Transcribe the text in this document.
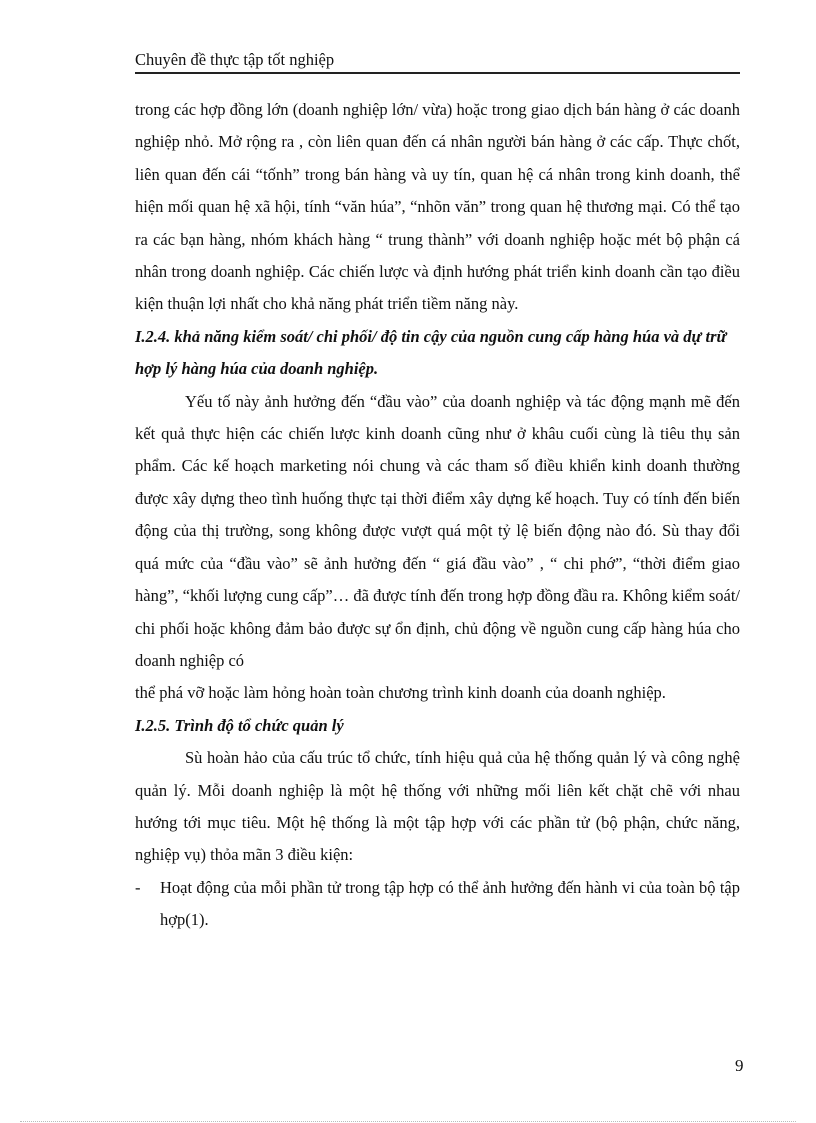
Chuyên đề thực tập tốt nghiệp

trong các hợp đồng lớn (doanh nghiệp lớn/ vừa) hoặc trong giao dịch bán hàng ở các doanh nghiệp nhỏ. Mở rộng ra , còn liên quan đến cá nhân người bán hàng ở các cấp. Thực chốt, liên quan đến cái “tốnh” trong bán hàng và uy tín, quan hệ cá nhân trong kinh doanh, thể hiện mối quan hệ xã hội, tính “văn húa”, “nhõn văn” trong quan hệ thương mại. Có thể tạo ra các bạn hàng, nhóm khách hàng “ trung thành” với doanh nghiệp hoặc mét bộ phận cá nhân trong doanh nghiệp. Các chiến lược và định hướng phát triển kinh doanh cần tạo điều kiện thuận lợi nhất cho khả năng phát triển tiềm năng này.

I.2.4. khả năng kiểm soát/ chi phối/ độ tin cậy của nguồn cung cấp hàng húa và dự trữ hợp lý hàng húa của doanh nghiệp.

Yếu tố này ảnh hưởng đến “đầu vào” của doanh nghiệp và tác động mạnh mẽ đến kết quả thực hiện các chiến lược kinh doanh cũng như ở khâu cuối cùng là tiêu thụ sản phẩm. Các kế hoạch marketing nói chung và các tham số điều khiển kinh doanh thường được xây dựng theo tình huống thực tại thời điểm xây dựng kế hoạch. Tuy có tính đến biến động của thị trường, song không được vượt quá một tỷ lệ biến động nào đó. Sù thay đổi quá mức của “đầu vào” sẽ ảnh hưởng đến “ giá đầu vào” , “ chi phớ”, “thời điểm giao hàng”, “khối lượng cung cấp”… đã được tính đến trong hợp đồng đầu ra. Không kiểm soát/ chi phối hoặc không đảm bảo được sự ổn định, chủ động về nguồn cung cấp hàng húa cho doanh nghiệp có

thể phá vỡ hoặc làm hỏng hoàn toàn chương trình kinh doanh của doanh nghiệp.

I.2.5. Trình độ tổ chức quản lý

Sù hoàn hảo của cấu trúc tổ chức, tính hiệu quả của hệ thống quản lý và công nghệ quản lý. Mỗi doanh nghiệp là một hệ thống với những mối liên kết chặt chẽ với nhau hướng tới mục tiêu. Một hệ thống là một tập hợp với các phần tử (bộ phận, chức năng, nghiệp vụ) thỏa mãn 3 điều kiện:

-	Hoạt động của mỗi phần tử trong tập hợp có thể ảnh hưởng đến hành vi của toàn bộ tập hợp(1).
9
